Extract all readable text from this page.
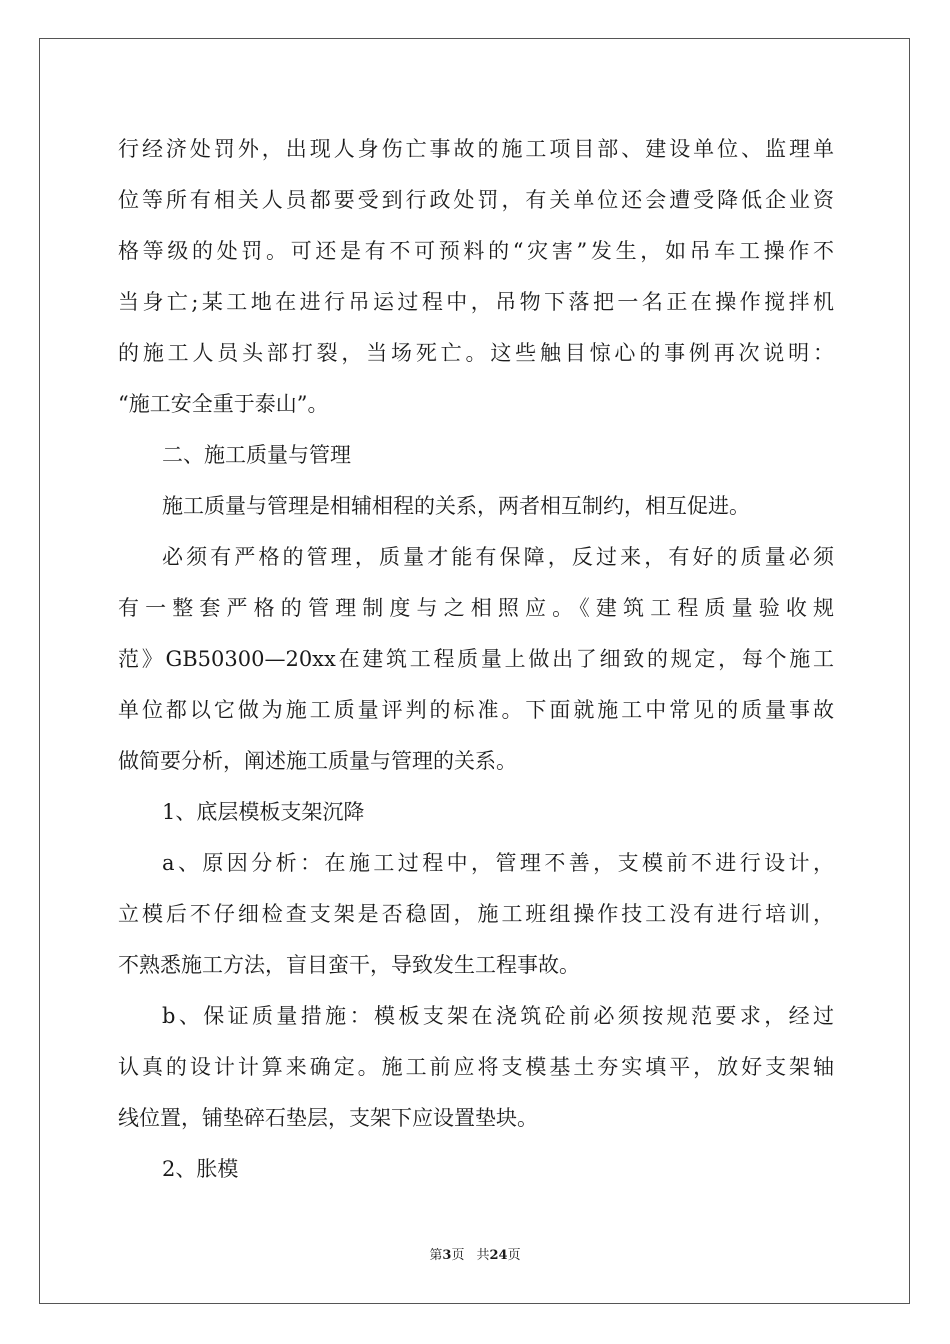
行经济处罚外，出现人身伤亡事故的施工项目部、建设单位、监理单
位等所有相关人员都要受到行政处罚，有关单位还会遭受降低企业资
格等级的处罚。可还是有不可预料的“灾害”发生，如吊车工操作不
当身亡;某工地在进行吊运过程中，吊物下落把一名正在操作搅拌机
的施工人员头部打裂，当场死亡。这些触目惊心的事例再次说明：
“施工安全重于泰山”。
二、施工质量与管理
施工质量与管理是相辅相程的关系，两者相互制约，相互促进。
必须有严格的管理，质量才能有保障，反过来，有好的质量必须
有一整套严格的管理制度与之相照应。《建筑工程质量验收规
范》GB50300—20xx在建筑工程质量上做出了细致的规定，每个施工
单位都以它做为施工质量评判的标准。下面就施工中常见的质量事故
做简要分析，阐述施工质量与管理的关系。
1、底层模板支架沉降
a、原因分析：在施工过程中，管理不善，支模前不进行设计，
立模后不仔细检查支架是否稳固，施工班组操作技工没有进行培训，
不熟悉施工方法，盲目蛮干，导致发生工程事故。
b、保证质量措施：模板支架在浇筑砼前必须按规范要求，经过
认真的设计计算来确定。施工前应将支模基土夯实填平，放好支架轴
线位置，铺垫碎石垫层，支架下应设置垫块。
2、胀模
第3页 共24页
